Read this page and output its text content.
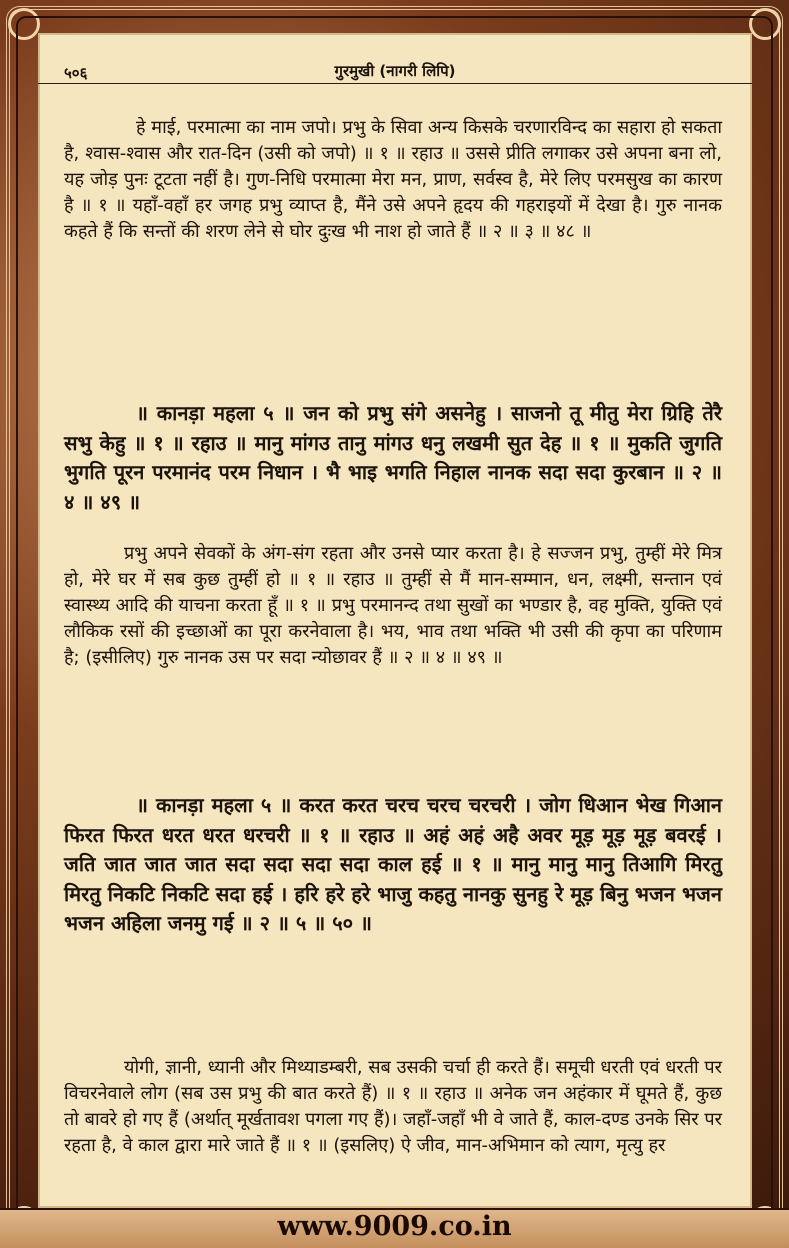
५०६	गुरमुखी (नागरी लिपि)
हे माई, परमात्मा का नाम जपो। प्रभु के सिवा अन्य किसके चरणारविन्द का सहारा हो सकता है, श्वास-श्वास और रात-दिन (उसी को जपो) ॥ १ ॥ रहाउ ॥ उससे प्रीति लगाकर उसे अपना बना लो, यह जोड़ पुनः टूटता नहीं है। गुण-निधि परमात्मा मेरा मन, प्राण, सर्वस्व है, मेरे लिए परमसुख का कारण है ॥ १ ॥ यहाँ-वहाँ हर जगह प्रभु व्याप्त है, मैंने उसे अपने हृदय की गहराइयों में देखा है। गुरु नानक कहते हैं कि सन्तों की शरण लेने से घोर दुःख भी नाश हो जाते हैं ॥ २ ॥ ३ ॥ ४८ ॥
॥ कानड़ा महला ५ ॥ जन को प्रभु संगे असनेहु । साजनो तू मीतु मेरा ग्रिहि तेरै सभु केहु ॥ १ ॥ रहाउ ॥ मानु मांगउ तानु मांगउ धनु लखमी सुत देह ॥ १ ॥ मुकति जुगति भुगति पूरन परमानंद परम निधान । भै भाइ भगति निहाल नानक सदा सदा कुरबान ॥ २ ॥ ४ ॥ ४९ ॥
प्रभु अपने सेवकों के अंग-संग रहता और उनसे प्यार करता है। हे सज्जन प्रभु, तुम्हीं मेरे मित्र हो, मेरे घर में सब कुछ तुम्हीं हो ॥ १ ॥ रहाउ ॥ तुम्हीं से मैं मान-सम्मान, धन, लक्ष्मी, सन्तान एवं स्वास्थ्य आदि की याचना करता हूँ ॥ १ ॥ प्रभु परमानन्द तथा सुखों का भण्डार है, वह मुक्ति, युक्ति एवं लौकिक रसों की इच्छाओं का पूरा करनेवाला है। भय, भाव तथा भक्ति भी उसी की कृपा का परिणाम है; (इसीलिए) गुरु नानक उस पर सदा न्योछावर हैं ॥ २ ॥ ४ ॥ ४९ ॥
॥ कानड़ा महला ५ ॥ करत करत चरच चरच चरचरी । जोग धिआन भेख गिआन फिरत फिरत धरत धरत धरचरी ॥ १ ॥ रहाउ ॥ अहं अहं अहै अवर मूड़ मूड़ मूड़ बवरई । जति जात जात जात सदा सदा सदा सदा काल हई ॥ १ ॥ मानु मानु मानु तिआगि मिरतु मिरतु निकटि निकटि सदा हई । हरि हरे हरे भाजु कहतु नानकु सुनहु रे मूड़ बिनु भजन भजन भजन अहिला जनमु गई ॥ २ ॥ ५ ॥ ५० ॥
योगी, ज्ञानी, ध्यानी और मिथ्याडम्बरी, सब उसकी चर्चा ही करते हैं। समूची धरती एवं धरती पर विचरनेवाले लोग (सब उस प्रभु की बात करते हैं) ॥ १ ॥ रहाउ ॥ अनेक जन अहंकार में घूमते हैं, कुछ तो बावरे हो गए हैं (अर्थात् मूर्खतावश पगला गए हैं)। जहाँ-जहाँ भी वे जाते हैं, काल-दण्ड उनके सिर पर रहता है, वे काल द्वारा मारे जाते हैं ॥ १ ॥ (इसलिए) ऐ जीव, मान-अभिमान को त्याग, मृत्यु हर
www.9009.co.in
